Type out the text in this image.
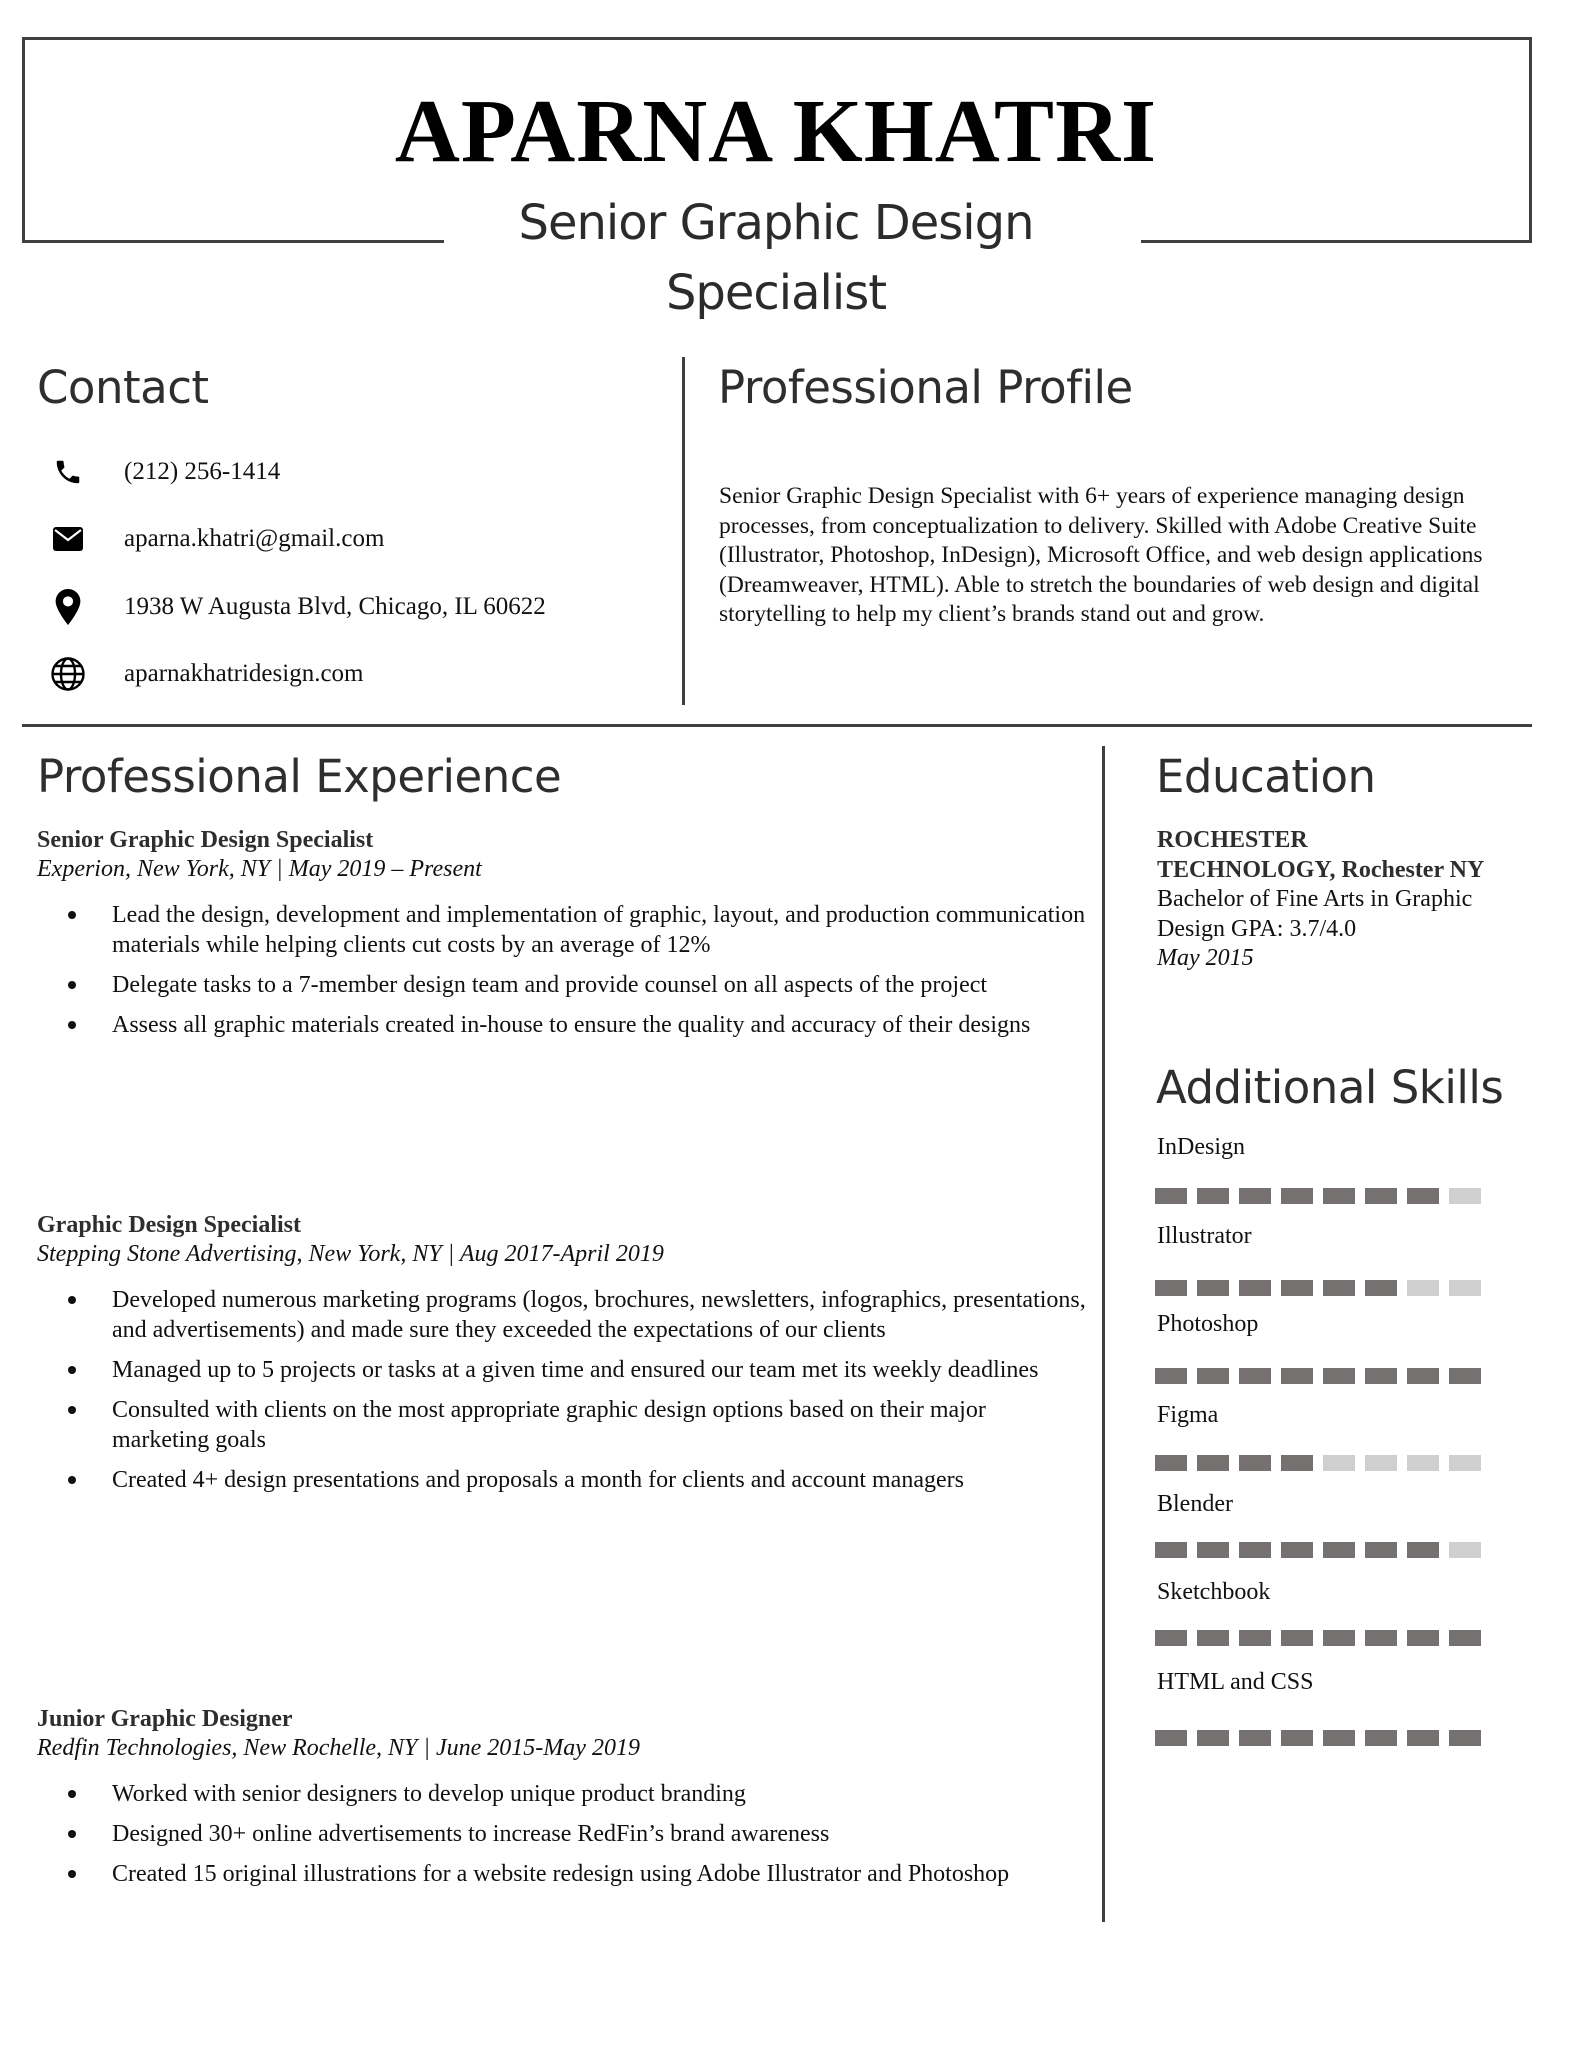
APARNA KHATRI
Senior Graphic Design
Specialist
Contact
(212) 256-1414
aparna.khatri@gmail.com
1938 W Augusta Blvd, Chicago, IL 60622
aparnakhatridesign.com
Professional Profile
Senior Graphic Design Specialist with 6+ years of experience managing design processes, from conceptualization to delivery. Skilled with Adobe Creative Suite (Illustrator, Photoshop, InDesign), Microsoft Office, and web design applications (Dreamweaver, HTML). Able to stretch the boundaries of web design and digital storytelling to help my client’s brands stand out and grow.
Professional Experience
Senior Graphic Design Specialist
Experion, New York, NY | May 2019 – Present
Lead the design, development and implementation of graphic, layout, and production communication materials while helping clients cut costs by an average of 12%
Delegate tasks to a 7-member design team and provide counsel on all aspects of the project
Assess all graphic materials created in-house to ensure the quality and accuracy of their designs
Graphic Design Specialist
Stepping Stone Advertising, New York, NY | Aug 2017-April 2019
Developed numerous marketing programs (logos, brochures, newsletters, infographics, presentations, and advertisements) and made sure they exceeded the expectations of our clients
Managed up to 5 projects or tasks at a given time and ensured our team met its weekly deadlines
Consulted with clients on the most appropriate graphic design options based on their major marketing goals
Created 4+ design presentations and proposals a month for clients and account managers
Junior Graphic Designer
Redfin Technologies, New Rochelle, NY | June 2015-May 2019
Worked with senior designers to develop unique product branding
Designed 30+ online advertisements to increase RedFin’s brand awareness
Created 15 original illustrations for a website redesign using Adobe Illustrator and Photoshop
Education
ROCHESTER
TECHNOLOGY, Rochester NY
Bachelor of Fine Arts in Graphic Design GPA: 3.7/4.0
May 2015
Additional Skills
InDesign
Illustrator
Photoshop
Figma
Blender
Sketchbook
HTML and CSS
